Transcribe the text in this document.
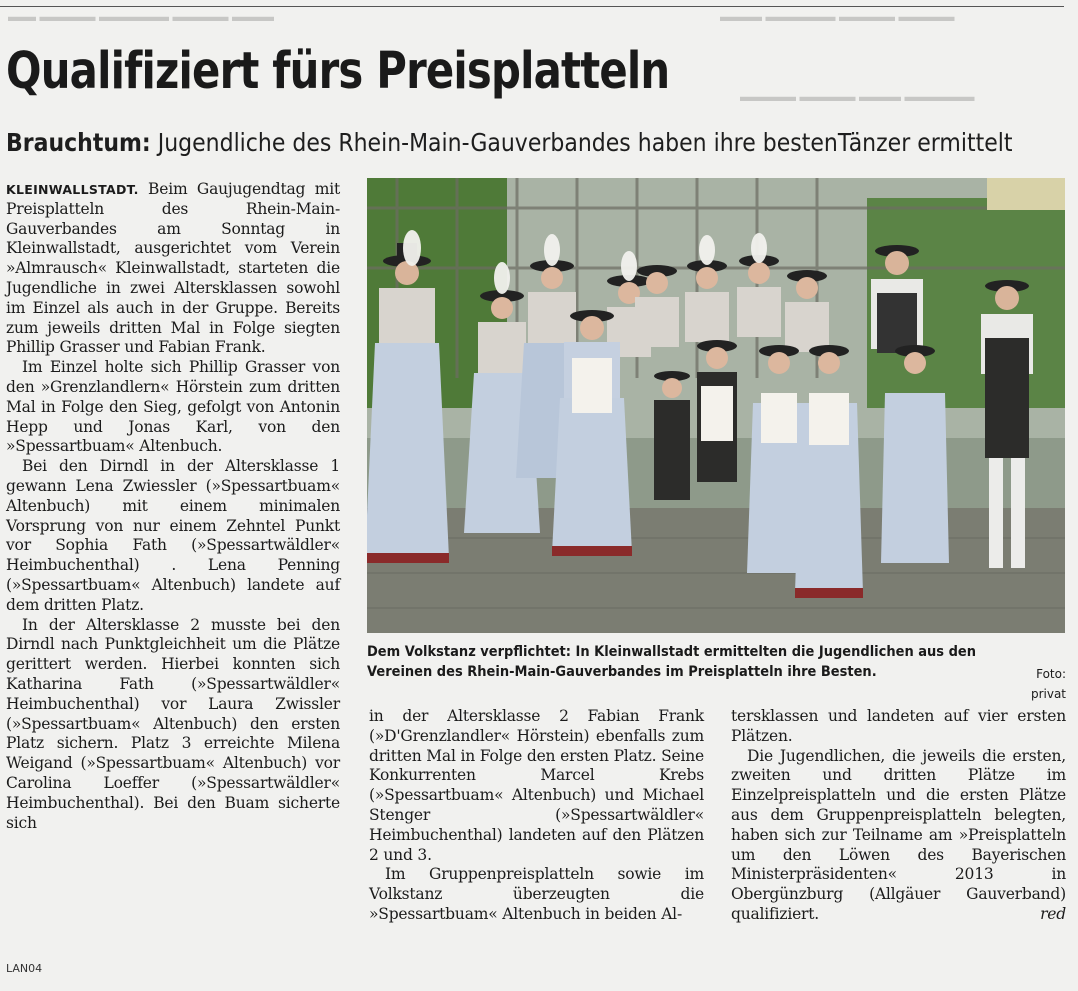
▬▬ ▬▬▬▬ ▬▬▬▬▬ ▬▬▬▬ ▬▬▬	▬▬▬ ▬▬▬▬▬ ▬▬▬▬ ▬▬▬▬
▬▬▬▬ ▬▬▬▬ ▬▬▬ ▬▬▬▬▬
Qualifiziert fürs Preisplatteln
Brauchtum: Jugendliche des Rhein-Main-Gauverbandes haben ihre bestenTänzer ermittelt

KLEINWALLSTADT. Beim Gaujugendtag mit Preisplatteln des Rhein-Main-Gauverbandes am Sonntag in Kleinwallstadt, ausgerichtet vom Verein »Almrausch« Kleinwallstadt, starteten die Jugendliche in zwei Altersklassen sowohl im Einzel als auch in der Gruppe. Bereits zum jeweils dritten Mal in Folge siegten Phillip Grasser und Fabian Frank.

Im Einzel holte sich Phillip Grasser von den »Grenzlandlern« Hörstein zum dritten Mal in Folge den Sieg, gefolgt von Antonin Hepp und Jonas Karl, von den »Spessartbuam« Altenbuch.

Bei den Dirndl in der Altersklasse 1 gewann Lena Zwiessler (»Spessartbuam« Altenbuch) mit einem minimalen Vorsprung von nur einem Zehntel Punkt vor Sophia Fath (»Spessartwäldler« Heimbuchenthal) . Lena Penning (»Spessartbuam« Altenbuch) landete auf dem dritten Platz.

In der Altersklasse 2 musste bei den Dirndl nach Punktgleichheit um die Plätze gerittert werden. Hierbei konnten sich Katharina Fath (»Spessartwäldler« Heimbuchenthal) vor Laura Zwissler (»Spessartbuam« Altenbuch) den ersten Platz sichern. Platz 3 erreichte Milena Weigand (»Spessartbuam« Altenbuch) vor Carolina Loeffer (»Spessartwäldler« Heimbuchenthal). Bei den Buam sicherte sich

Dem Volkstanz verpflichtet: In Kleinwallstadt ermittelten die Jugendlichen aus den Vereinen des Rhein-Main-Gauverbandes im Preisplatteln ihre Besten.	Foto: privat

in der Altersklasse 2 Fabian Frank (»D'Grenzlandler« Hörstein) ebenfalls zum dritten Mal in Folge den ersten Platz. Seine Konkurrenten Marcel Krebs (»Spessartbuam« Altenbuch) und Michael Stenger (»Spessartwäldler« Heimbuchenthal) landeten auf den Plätzen 2 und 3.

Im Gruppenpreisplatteln sowie im Volkstanz überzeugten die »Spessartbuam« Altenbuch in beiden Al-

tersklassen und landeten auf vier ersten Plätzen.

Die Jugendlichen, die jeweils die ersten, zweiten und dritten Plätze im Einzelpreisplatteln und die ersten Plätze aus dem Gruppenpreisplatteln belegten, haben sich zur Teilname am »Preisplatteln um den Löwen des Bayerischen Ministerpräsidenten« 2013 in Obergünzburg (Allgäuer Gauverband) qualifiziert.	red

LAN04
